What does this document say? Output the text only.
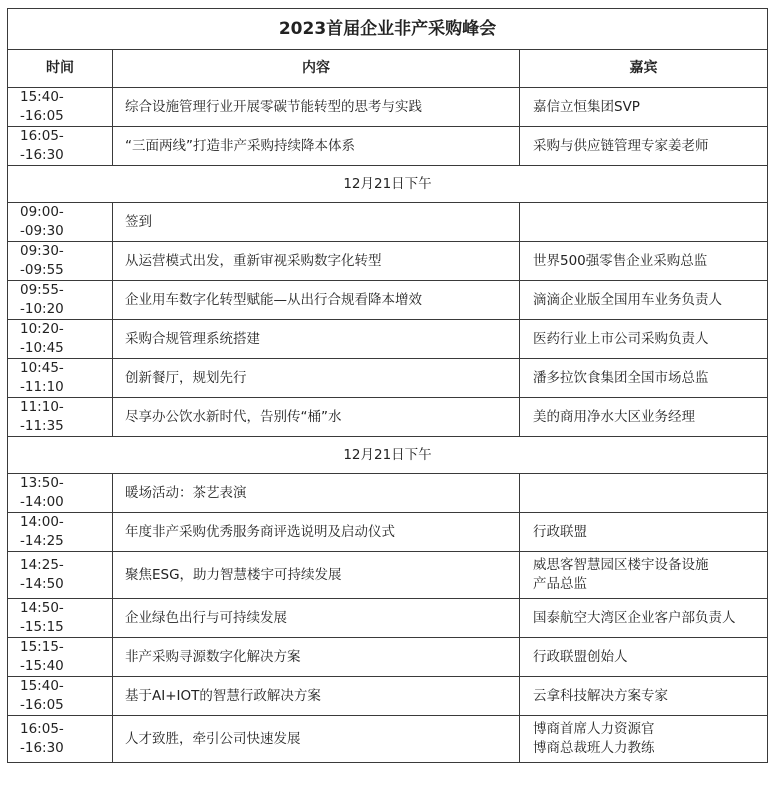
2023首届企业非产采购峰会		
时间	内容	嘉宾
15:40--16:05	综合设施管理行业开展零碳节能转型的思考与实践	嘉信立恒集团SVP

16:05--16:30	“三面两线”打造非产采购持续降本体系	采购与供应链管理专家姜老师

12月21日下午		
09:00--09:30	签到	
09:30--09:55	从运营模式出发，重新审视采购数字化转型	世界500强零售企业采购总监

09:55--10:20	企业用车数字化转型赋能—从出行合规看降本增效	滴滴企业版全国用车业务负责人

10:20--10:45	采购合规管理系统搭建	医药行业上市公司采购负责人

10:45--11:10	创新餐厅，规划先行	潘多拉饮食集团全国市场总监

11:10--11:35	尽享办公饮水新时代，告别传“桶”水	美的商用净水大区业务经理

12月21日下午		
13:50--14:00	暖场活动：茶艺表演	
14:00--14:25	年度非产采购优秀服务商评选说明及启动仪式	行政联盟

14:25--14:50	聚焦ESG，助力智慧楼宇可持续发展	威思客智慧园区楼宇设备设施
产品总监

14:50--15:15	企业绿色出行与可持续发展	国泰航空大湾区企业客户部负责人

15:15--15:40	非产采购寻源数字化解决方案	行政联盟创始人

15:40--16:05	基于AI+IOT的智慧行政解决方案	云拿科技解决方案专家

16:05--16:30	人才致胜，牵引公司快速发展	博商首席人力资源官
博商总裁班人力教练
